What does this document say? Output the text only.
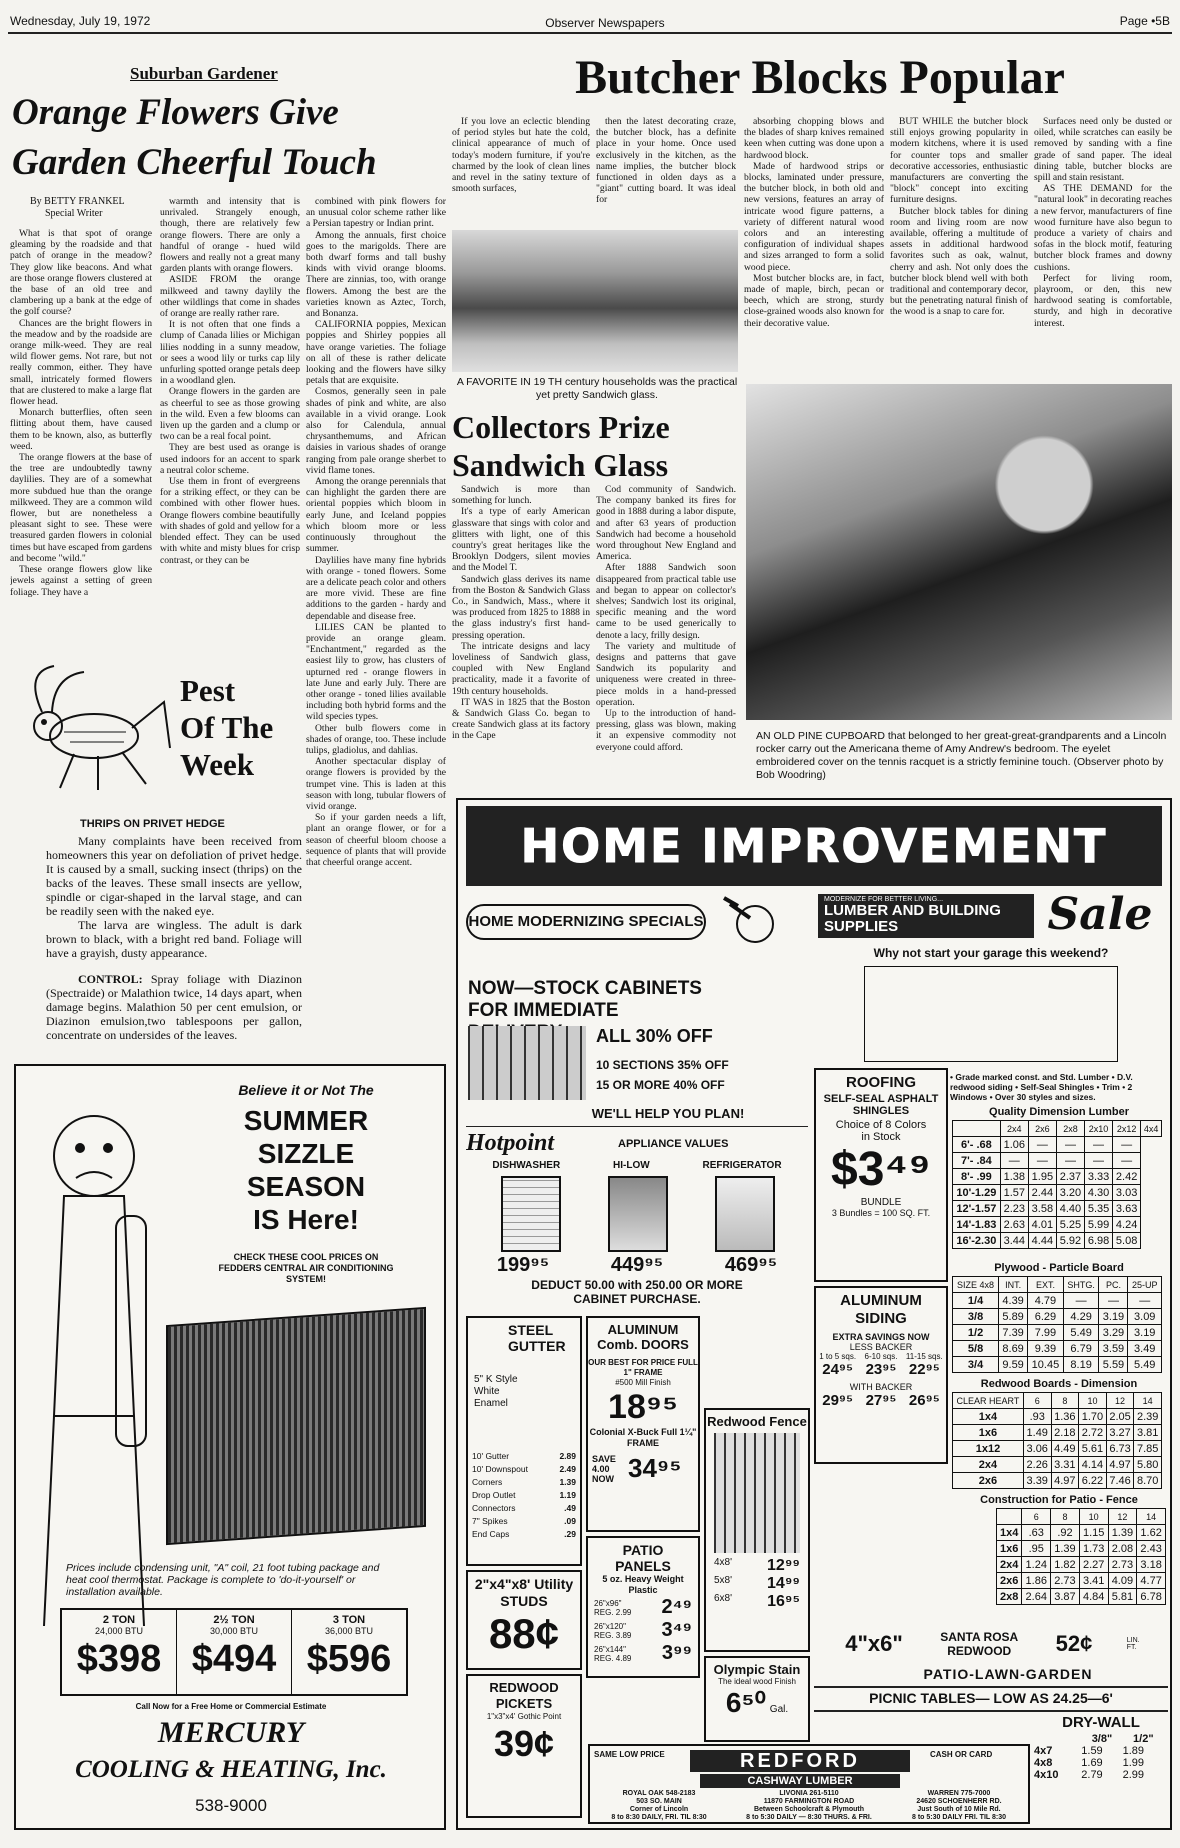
Wednesday, July 19, 1972	Observer Newspapers	Page •5B
Suburban Gardener
Orange Flowers Give
Garden Cheerful Touch
By BETTY FRANKEL
Special Writer

What is that spot of orange gleaming by the roadside and that patch of orange in the meadow? They glow like beacons. And what are those orange flowers clustered at the base of an old tree and clambering up a bank at the edge of the golf course?

Chances are the bright flowers in the meadow and by the roadside are orange milk-weed. They are real wild flower gems. Not rare, but not really common, either. They have small, intricately formed flowers that are clustered to make a large flat flower head.

Monarch butterflies, often seen flitting about them, have caused them to be known, also, as butterfly weed.

The orange flowers at the base of the tree are undoubtedly tawny daylilies. They are of a somewhat more subdued hue than the orange milkweed. They are a common wild flower, but are nonetheless a pleasant sight to see. These were treasured garden flowers in colonial times but have escaped from gardens and become "wild."

These orange flowers glow like jewels against a setting of green foliage. They have a

warmth and intensity that is unrivaled. Strangely enough, though, there are relatively few orange flowers. There are only a handful of orange - hued wild flowers and really not a great many garden plants with orange flowers.

ASIDE FROM the orange milkweed and tawny daylily the other wildlings that come in shades of orange are really rather rare.

It is not often that one finds a clump of Canada lilies or Michigan lilies nodding in a sunny meadow, or sees a wood lily or turks cap lily unfurling spotted orange petals deep in a woodland glen.

Orange flowers in the garden are as cheerful to see as those growing in the wild. Even a few blooms can liven up the garden and a clump or two can be a real focal point.

They are best used as orange is used indoors for an accent to spark a neutral color scheme.

Use them in front of evergreens for a striking effect, or they can be combined with other flower hues. Orange flowers combine beautifully with shades of gold and yellow for a blended effect. They can be used with white and misty blues for crisp contrast, or they can be

combined with pink flowers for an unusual color scheme rather like a Persian tapestry or Indian print.

Among the annuals, first choice goes to the marigolds. There are both dwarf forms and tall bushy kinds with vivid orange blooms. There are zinnias, too, with orange flowers. Among the best are the varieties known as Aztec, Torch, and Bonanza.

CALIFORNIA poppies, Mexican poppies and Shirley poppies all have orange varieties. The foliage on all of these is rather delicate looking and the flowers have silky petals that are exquisite.

Cosmos, generally seen in pale shades of pink and white, are also available in a vivid orange. Look also for Calendula, annual chrysanthemums, and African daisies in various shades of orange ranging from pale orange sherbet to vivid flame tones.

Among the orange perennials that can highlight the garden there are oriental poppies which bloom in early June, and Iceland poppies which bloom more or less continuously throughout the summer.

Daylilies have many fine hybrids with orange - toned flowers. Some are a delicate peach color and others are more vivid. These are fine additions to the garden - hardy and dependable and disease free.

LILIES CAN be planted to provide an orange gleam. "Enchantment," regarded as the easiest lily to grow, has clusters of upturned red - orange flowers in late June and early July. There are other orange - toned lilies available including both hybrid forms and the wild species types.

Other bulb flowers come in shades of orange, too. These include tulips, gladiolus, and dahlias.

Another spectacular display of orange flowers is provided by the trumpet vine. This is laden at this season with long, tubular flowers of vivid orange.

So if your garden needs a lift, plant an orange flower, or for a season of cheerful bloom choose a sequence of plants that will provide that cheerful orange accent.

Pest
Of The
Week
THRIPS ON PRIVET HEDGE

Many complaints have been received from homeowners this year on defoliation of privet hedge. It is caused by a small, sucking insect (thrips) on the backs of the leaves. These small insects are yellow, spindle or cigar-shaped in the larval stage, and can be readily seen with the naked eye.

The larva are wingless. The adult is dark brown to black, with a bright red band. Foliage will have a grayish, dusty appearance.

CONTROL: Spray foliage with Diazinon (Spectraide) or Malathion twice, 14 days apart, when damage begins. Malathion 50 per cent emulsion, or Diazinon emulsion,two tablespoons per gallon, concentrate on undersides of the leaves.

Butcher Blocks Popular

If you love an eclectic blending of period styles but hate the cold, clinical appearance of much of today's modern furniture, if you're charmed by the look of clean lines and revel in the satiny texture of smooth surfaces,

then the latest decorating craze, the butcher block, has a definite place in your home. Once used exclusively in the kitchen, as the name implies, the butcher block functioned in olden days as a "giant" cutting board. It was ideal for

absorbing chopping blows and the blades of sharp knives remained keen when cutting was done upon a hardwood block.

Made of hardwood strips or blocks, laminated under pressure, the butcher block, in both old and new versions, features an array of intricate wood figure patterns, a variety of different natural wood colors and an interesting configuration of individual shapes and sizes arranged to form a solid wood piece.

Most butcher blocks are, in fact, made of maple, birch, pecan or beech, which are strong, sturdy close-grained woods also known for their decorative value.

BUT WHILE the butcher block still enjoys growing popularity in modern kitchens, where it is used for counter tops and smaller decorative accessories, enthusiastic manufacturers are converting the "block" concept into exciting furniture designs.

Butcher block tables for dining room and living room are now available, offering a multitude of assets in additional hardwood favorites such as oak, walnut, cherry and ash. Not only does the butcher block blend well with both traditional and contemporary decor, but the penetrating natural finish of the wood is a snap to care for.

Surfaces need only be dusted or oiled, while scratches can easily be removed by sanding with a fine grade of sand paper. The ideal dining table, butcher blocks are spill and stain resistant.

AS THE DEMAND for the "natural look" in decorating reaches a new fervor, manufacturers of fine wood furniture have also begun to produce a variety of chairs and sofas in the block motif, featuring butcher block frames and downy cushions.

Perfect for living room, playroom, or den, this new hardwood seating is comfortable, sturdy, and high in decorative interest.

A FAVORITE IN 19 TH century households was the practical yet pretty Sandwich glass.
Collectors Prize
Sandwich Glass

Sandwich is more than something for lunch.

It's a type of early American glassware that sings with color and glitters with light, one of this country's great heritages like the Brooklyn Dodgers, silent movies and the Model T.

Sandwich glass derives its name from the Boston & Sandwich Glass Co., in Sandwich, Mass., where it was produced from 1825 to 1888 in the glass industry's first hand-pressing operation.

The intricate designs and lacy loveliness of Sandwich glass, coupled with New England practicality, made it a favorite of 19th century households.

IT WAS in 1825 that the Boston & Sandwich Glass Co. began to create Sandwich glass at its factory in the Cape

Cod community of Sandwich. The company banked its fires for good in 1888 during a labor dispute, and after 63 years of production Sandwich had become a household word throughout New England and America.

After 1888 Sandwich soon disappeared from practical table use and began to appear on collector's shelves; Sandwich lost its original, specific meaning and the word came to be used generically to denote a lacy, frilly design.

The variety and multitude of designs and patterns that gave Sandwich its popularity and uniqueness were created in three-piece molds in a hand-pressed operation.

Up to the introduction of hand-pressing, glass was blown, making it an expensive commodity not everyone could afford.

AN OLD PINE CUPBOARD that belonged to her great-great-grandparents and a Lincoln rocker carry out the Americana theme of Amy Andrew's bedroom. The eyelet embroidered cover on the tennis racquet is a strictly feminine touch. (Observer photo by Bob Woodring)
Believe it or Not The
SUMMER
SIZZLE
SEASON
IS Here!
CHECK THESE COOL PRICES ON FEDDERS CENTRAL AIR CONDITIONING SYSTEM!
Prices include condensing unit, "A" coil, 21 foot tubing package and heat cool thermostat. Package is complete to 'do-it-yourself' or installation available.
2 TON
24,000 BTU
$398
2½ TON
30,000 BTU
$494
3 TON
36,000 BTU
$596
Call Now for a Free Home or Commercial Estimate
MERCURY
COOLING & HEATING, Inc.
538-9000
HOME IMPROVEMENT
HOME MODERNIZING SPECIALS
NOW—STOCK CABINETS
FOR IMMEDIATE
ALL 30% OFF
10 SECTIONS 35% OFF
15 OR MORE 40% OFF
WE'LL HELP YOU PLAN!
Hotpoint	APPLIANCE VALUES
DISHWASHER	HI-LOW	REFRIGERATOR
199⁹⁵	449⁹⁵	469⁹⁵
DEDUCT 50.00 with 250.00 OR MORE
CABINET PURCHASE.
ROOFING
SELF-SEAL ASPHALT SHINGLES
Choice of 8 Colors in Stock
$3⁴⁹
BUNDLE
3 Bundles = 100 SQ. FT.
ALUMINUM SIDING
EXTRA SAVINGS NOW
LESS BACKER
1 to 5 sqs.	6-10 sqs.	11-15 sqs.
24⁹⁵ 23⁹⁵ 22⁹⁵
WITH BACKER
29⁹⁵ 27⁹⁵ 26⁹⁵
STEEL GUTTER
5" K Style White Enamel
10' Gutter	2.89
10' Downspout	2.49
Corners	1.39
Drop Outlet	1.19
Connectors	.49
7" Spikes	.09
End Caps	.29
ALUMINUM Comb. DOORS
OUR BEST FOR PRICE FULL 1" FRAME
#500 Mill Finish
18⁹⁵
Colonial X-Buck Full 1¼" FRAME
SAVE 4.00 NOW 34⁹⁵
PATIO PANELS
5 oz. Heavy Weight Plastic
26"x96"
REG. 2.99 2⁴⁹
26"x120"
REG. 3.89 3⁴⁹
26"x144"
REG. 4.89 3⁹⁹
Redwood Fence
4x8' 12⁹⁹
5x8' 14⁹⁹
6x8' 16⁹⁵
2"x4"x8' Utility STUDS
88¢
Olympic Stain
The ideal wood Finish
6⁵⁰ Gal.
REDWOOD PICKETS
1"x3"x4' Gothic Point
39¢	SAME LOW PRICE	CASH OR CARD
REDFORD
CASHWAY LUMBER
ROYAL OAK 548-2183
503 SO. MAIN
Corner of Lincoln
8 to 8:30 DAILY, FRI. TIL 8:30
LIVONIA 261-5110
11870 FARMINGTON ROAD
Between Schoolcraft & Plymouth
8 to 5:30 DAILY — 8:30 THURS. & FRI.
WARREN 775-7000
24620 SCHOENHERR RD.
Just South of 10 Mile Rd.
8 to 5:30 DAILY FRI. TIL 8:30
MODERNIZE FOR BETTER LIVING...
LUMBER AND BUILDING SUPPLIES	Sale
Why not start your garage this weekend?
• Grade marked const. and Std. Lumber • D.V. redwood siding • Self-Seal Shingles • Trim • 2 Windows • Over 30 styles and sizes.
Quality Dimension Lumber
	2x4	2x6	2x8	2x10	2x12	4x4
6'- .68	1.06	—	—	—	—	
7'- .84	—	—	—	—	—	
8'- .99	1.38	1.95	2.37	3.33	2.42	
10'-1.29	1.57	2.44	3.20	4.30	3.03	
12'-1.57	2.23	3.58	4.40	5.35	3.63	
14'-1.83	2.63	4.01	5.25	5.99	4.24	
16'-2.30	3.44	4.44	5.92	6.98	5.08	
Plywood - Particle Board
SIZE 4x8	INT.	EXT.	SHTG.	PC.	25-UP
1/4	4.39	4.79	—	—	—
3/8	5.89	6.29	4.29	3.19	3.09
1/2	7.39	7.99	5.49	3.29	3.19
5/8	8.69	9.39	6.79	3.59	3.49
3/4	9.59	10.45	8.19	5.59	5.49
Redwood Boards - Dimension
CLEAR HEART	6	8	10	12	14
1x4	.93	1.36	1.70	2.05	2.39
1x6	1.49	2.18	2.72	3.27	3.81
1x12	3.06	4.49	5.61	6.73	7.85
2x4	2.26	3.31	4.14	4.97	5.80
2x6	3.39	4.97	6.22	7.46	8.70
Construction for Patio - Fence
	6	8	10	12	14
1x4	.63	.92	1.15	1.39	1.62
1x6	.95	1.39	1.73	2.08	2.43
2x4	1.24	1.82	2.27	2.73	3.18
2x6	1.86	2.73	3.41	4.09	4.77
2x8	2.64	3.87	4.84	5.81	6.78
4"x6"	SANTA ROSA REDWOOD	52¢	LIN. FT.
PATIO-LAWN-GARDEN
PICNIC TABLES— LOW AS 24.25—6'
DRY-WALL
	3/8"	1/2"
4x7	1.59	1.89
4x8	1.69	1.99
4x10	2.79	2.99
